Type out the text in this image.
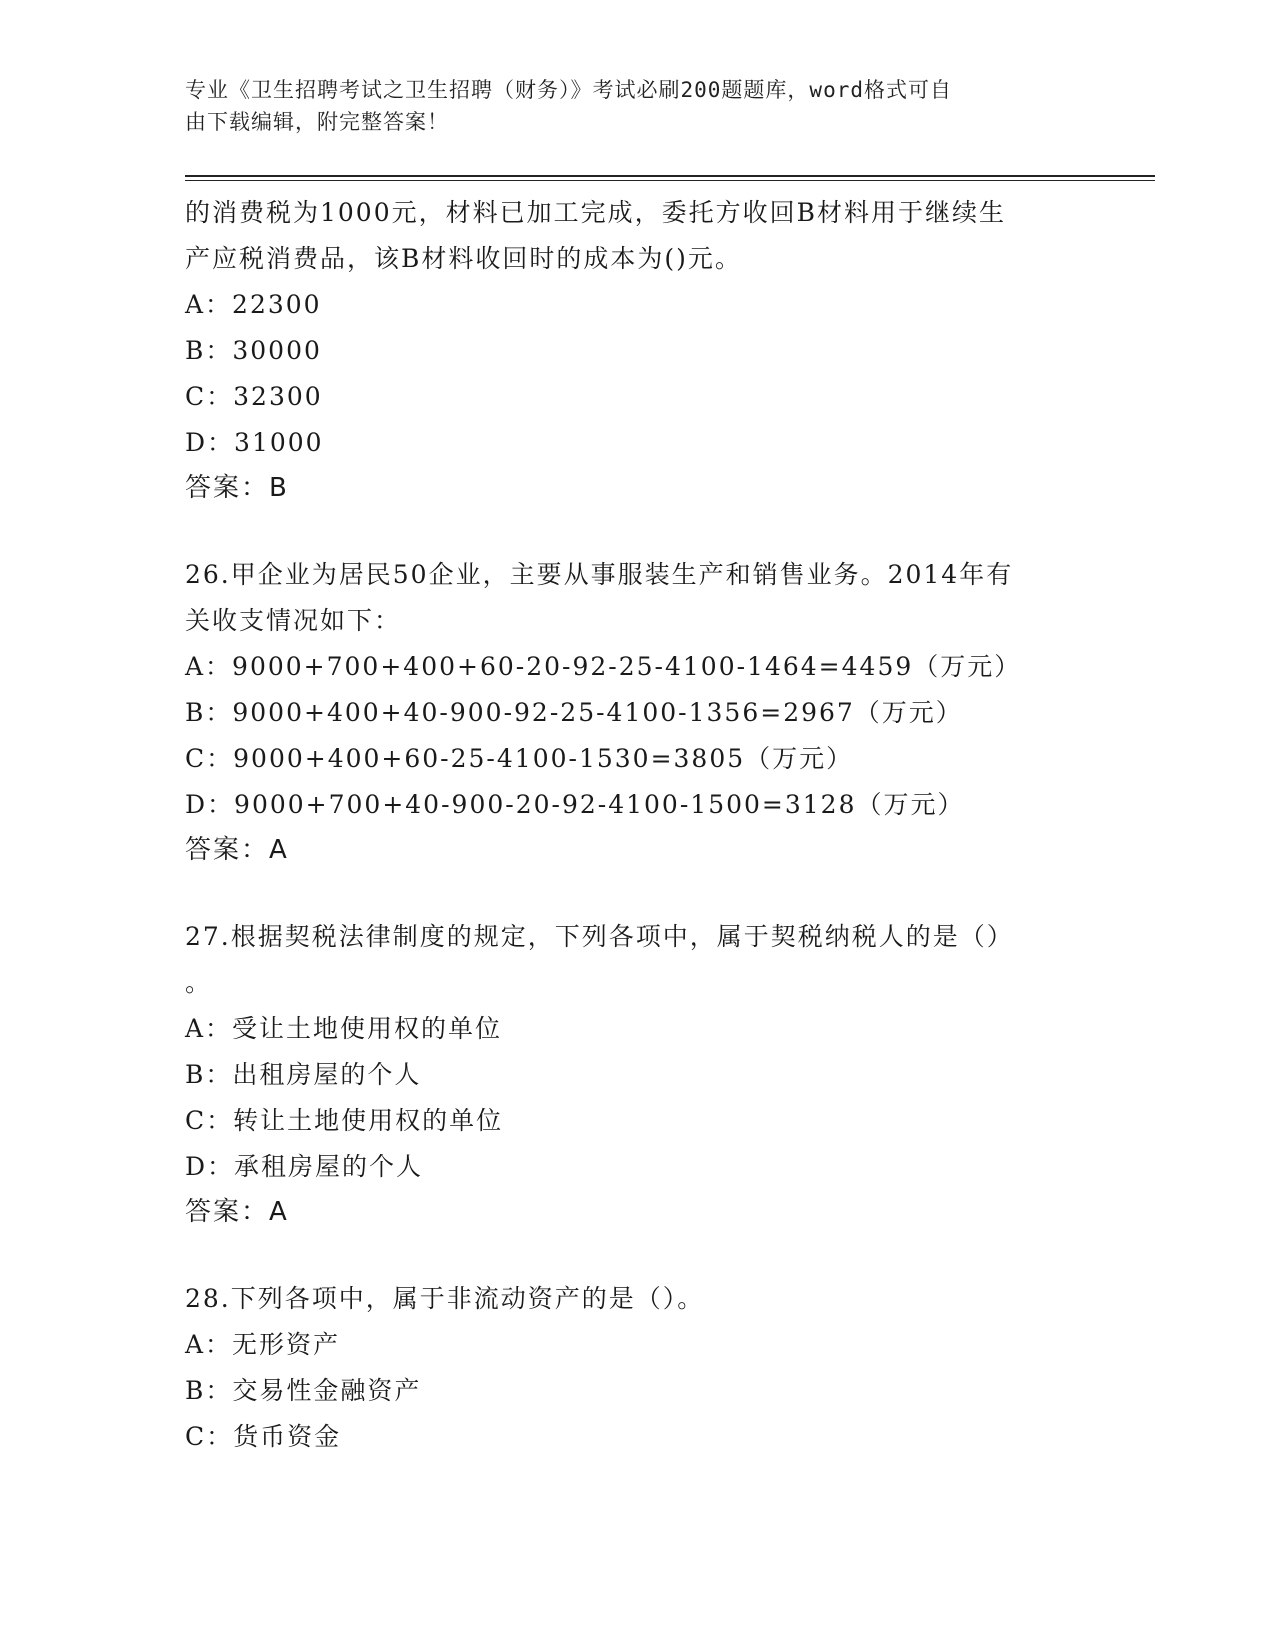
专业《卫生招聘考试之卫生招聘（财务）》考试必刷200题题库，word格式可自
由下载编辑，附完整答案！
的消费税为1000元，材料已加工完成，委托方收回B材料用于继续生
产应税消费品，该B材料收回时的成本为()元。
A：22300
B：30000
C：32300
D：31000
答案：B
26.甲企业为居民50企业，主要从事服装生产和销售业务。2014年有
关收支情况如下：
A：9000+700+400+60-20-92-25-4100-1464=4459（万元）
B：9000+400+40-900-92-25-4100-1356=2967（万元）
C：9000+400+60-25-4100-1530=3805（万元）
D：9000+700+40-900-20-92-4100-1500=3128（万元）
答案：A
27.根据契税法律制度的规定，下列各项中，属于契税纳税人的是（）
。
A：受让土地使用权的单位
B：出租房屋的个人
C：转让土地使用权的单位
D：承租房屋的个人
答案：A
28.下列各项中，属于非流动资产的是（）。
A：无形资产
B：交易性金融资产
C：货币资金
